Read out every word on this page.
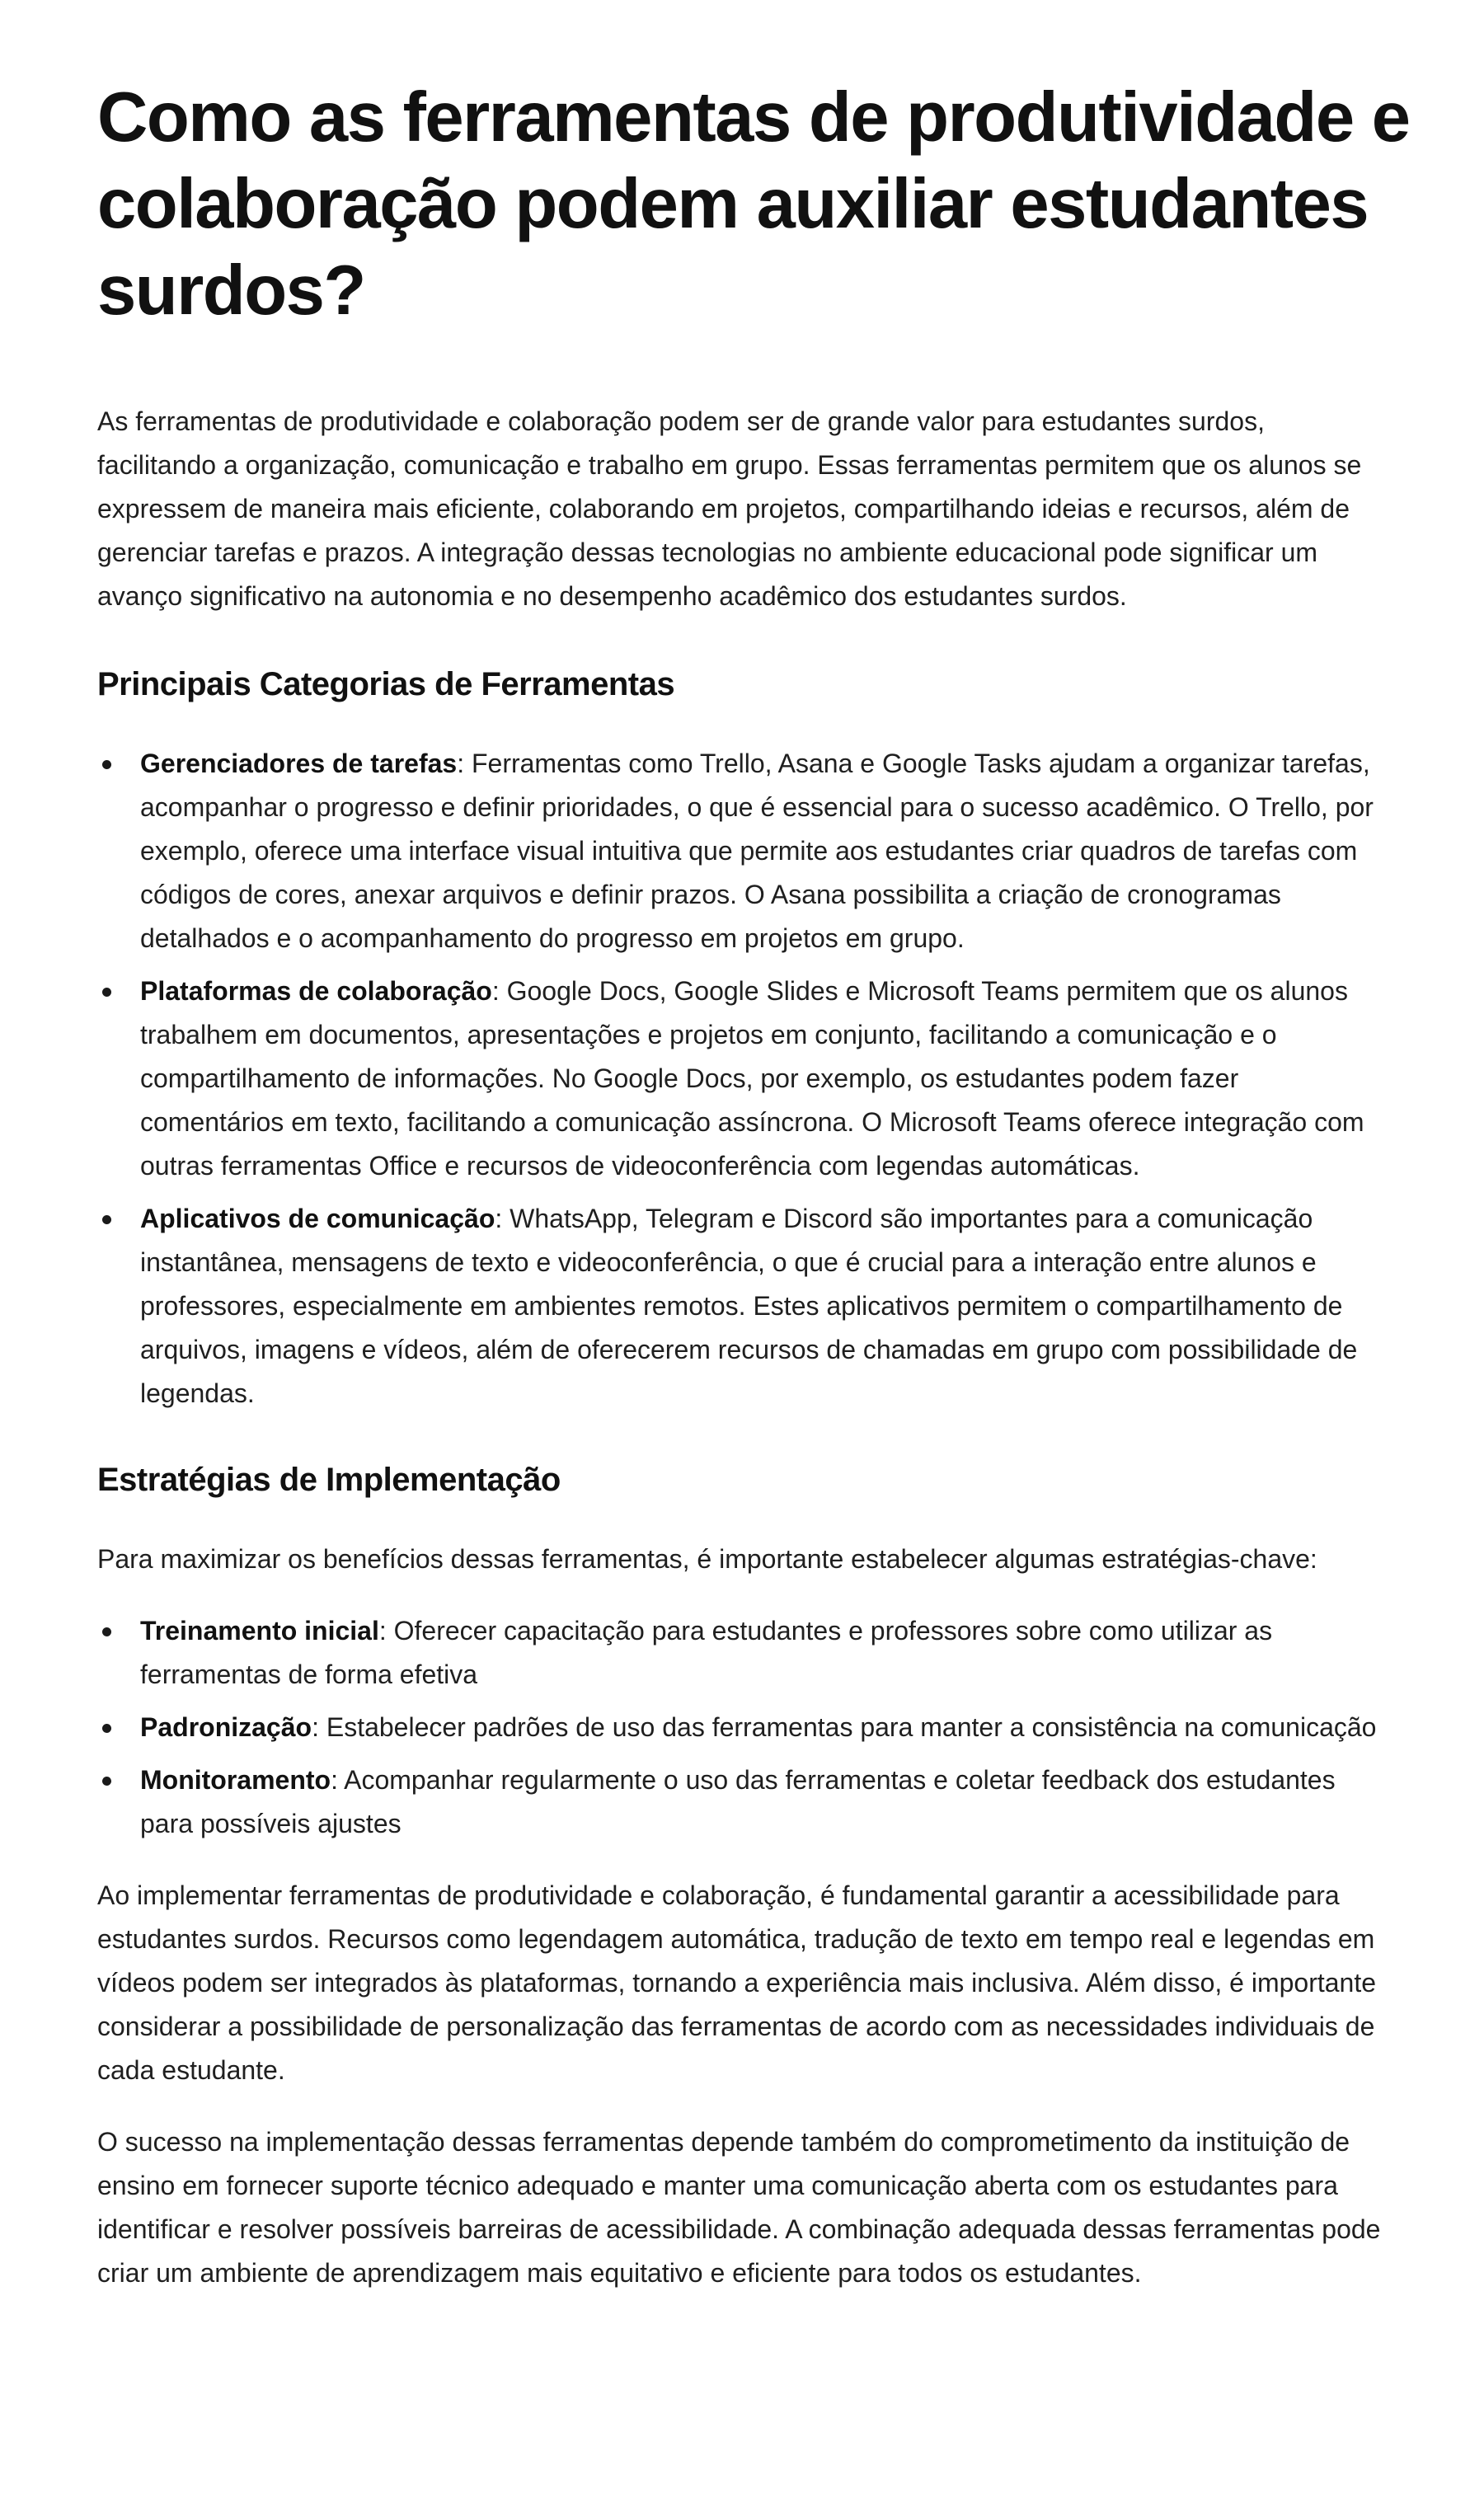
Como as ferramentas de produtividade e colaboração podem auxiliar estudantes surdos?

As ferramentas de produtividade e colaboração podem ser de grande valor para estudantes surdos, facilitando a organização, comunicação e trabalho em grupo. Essas ferramentas permitem que os alunos se expressem de maneira mais eficiente, colaborando em projetos, compartilhando ideias e recursos, além de gerenciar tarefas e prazos. A integração dessas tecnologias no ambiente educacional pode significar um avanço significativo na autonomia e no desempenho acadêmico dos estudantes surdos.

Principais Categorias de Ferramentas
Gerenciadores de tarefas: Ferramentas como Trello, Asana e Google Tasks ajudam a organizar tarefas, acompanhar o progresso e definir prioridades, o que é essencial para o sucesso acadêmico. O Trello, por exemplo, oferece uma interface visual intuitiva que permite aos estudantes criar quadros de tarefas com códigos de cores, anexar arquivos e definir prazos. O Asana possibilita a criação de cronogramas detalhados e o acompanhamento do progresso em projetos em grupo.
Plataformas de colaboração: Google Docs, Google Slides e Microsoft Teams permitem que os alunos trabalhem em documentos, apresentações e projetos em conjunto, facilitando a comunicação e o compartilhamento de informações. No Google Docs, por exemplo, os estudantes podem fazer comentários em texto, facilitando a comunicação assíncrona. O Microsoft Teams oferece integração com outras ferramentas Office e recursos de videoconferência com legendas automáticas.
Aplicativos de comunicação: WhatsApp, Telegram e Discord são importantes para a comunicação instantânea, mensagens de texto e videoconferência, o que é crucial para a interação entre alunos e professores, especialmente em ambientes remotos. Estes aplicativos permitem o compartilhamento de arquivos, imagens e vídeos, além de oferecerem recursos de chamadas em grupo com possibilidade de legendas.
Estratégias de Implementação

Para maximizar os benefícios dessas ferramentas, é importante estabelecer algumas estratégias-chave:

Treinamento inicial: Oferecer capacitação para estudantes e professores sobre como utilizar as ferramentas de forma efetiva
Padronização: Estabelecer padrões de uso das ferramentas para manter a consistência na comunicação
Monitoramento: Acompanhar regularmente o uso das ferramentas e coletar feedback dos estudantes para possíveis ajustes

Ao implementar ferramentas de produtividade e colaboração, é fundamental garantir a acessibilidade para estudantes surdos. Recursos como legendagem automática, tradução de texto em tempo real e legendas em vídeos podem ser integrados às plataformas, tornando a experiência mais inclusiva. Além disso, é importante considerar a possibilidade de personalização das ferramentas de acordo com as necessidades individuais de cada estudante.

O sucesso na implementação dessas ferramentas depende também do comprometimento da instituição de ensino em fornecer suporte técnico adequado e manter uma comunicação aberta com os estudantes para identificar e resolver possíveis barreiras de acessibilidade. A combinação adequada dessas ferramentas pode criar um ambiente de aprendizagem mais equitativo e eficiente para todos os estudantes.
